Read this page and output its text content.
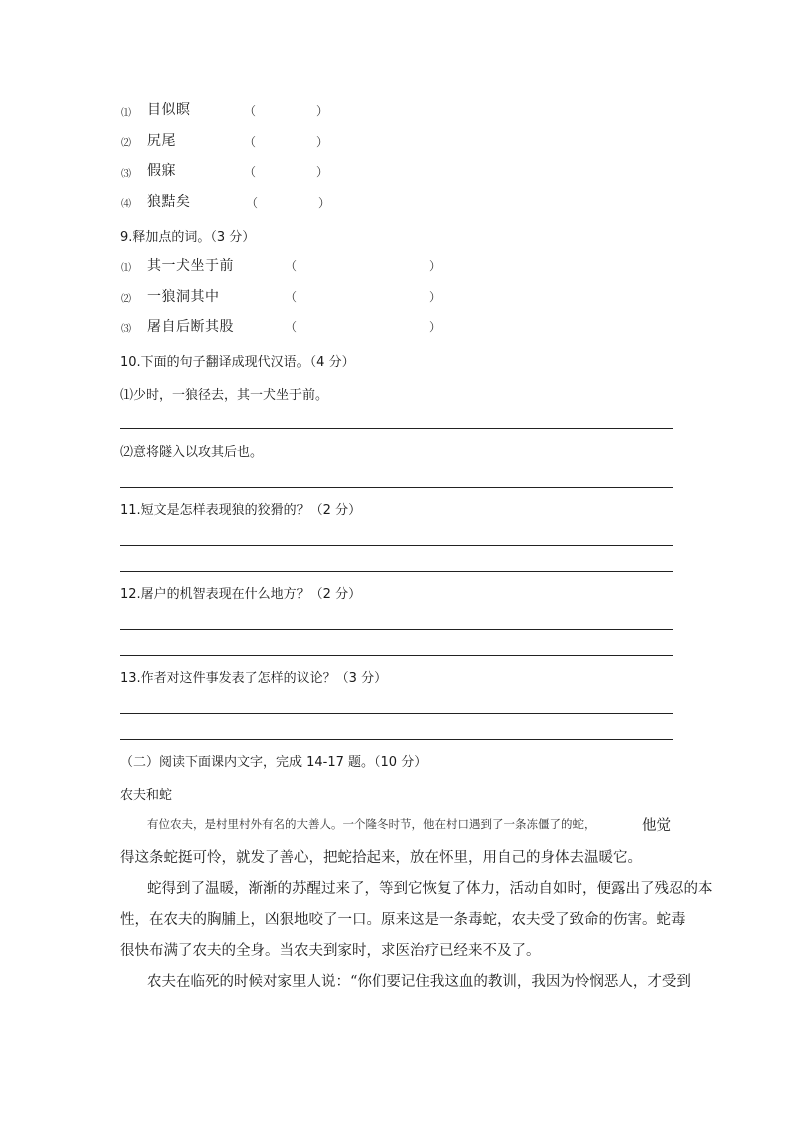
⑴ 目似瞑	（　　　　　）
⑵ 尻尾	（　　　　　）
⑶ 假寐	（　　　　　）
⑷ 狼黠矣	（　　　　　）
9.释加点的词。（3 分）
⑴ 其一犬坐于前	（　　　　　　　　　　　）
⑵ 一狼洞其中	（　　　　　　　　　　　）
⑶ 屠自后断其股	（　　　　　　　　　　　）
10.下面的句子翻译成现代汉语。（4 分）
⑴少时，一狼径去，其一犬坐于前。
⑵意将隧入以攻其后也。
11.短文是怎样表现狼的狡猾的？（2 分）
12.屠户的机智表现在什么地方？（2 分）
13.作者对这件事发表了怎样的议论？（3 分）
（二）阅读下面课内文字，完成 14-17 题。（10 分）
农夫和蛇
有位农夫，是村里村外有名的大善人。一个隆冬时节，他在村口遇到了一条冻僵了的蛇，	他觉
得这条蛇挺可怜，就发了善心，把蛇拾起来，放在怀里，用自己的身体去温暖它。
蛇得到了温暖，渐渐的苏醒过来了，等到它恢复了体力，活动自如时，便露出了残忍的本
性，在农夫的胸脯上，凶狠地咬了一口。原来这是一条毒蛇，农夫受了致命的伤害。蛇毒
很快布满了农夫的全身。当农夫到家时，求医治疗已经来不及了。
农夫在临死的时候对家里人说：“你们要记住我这血的教训，我因为怜悯恶人，才受到
